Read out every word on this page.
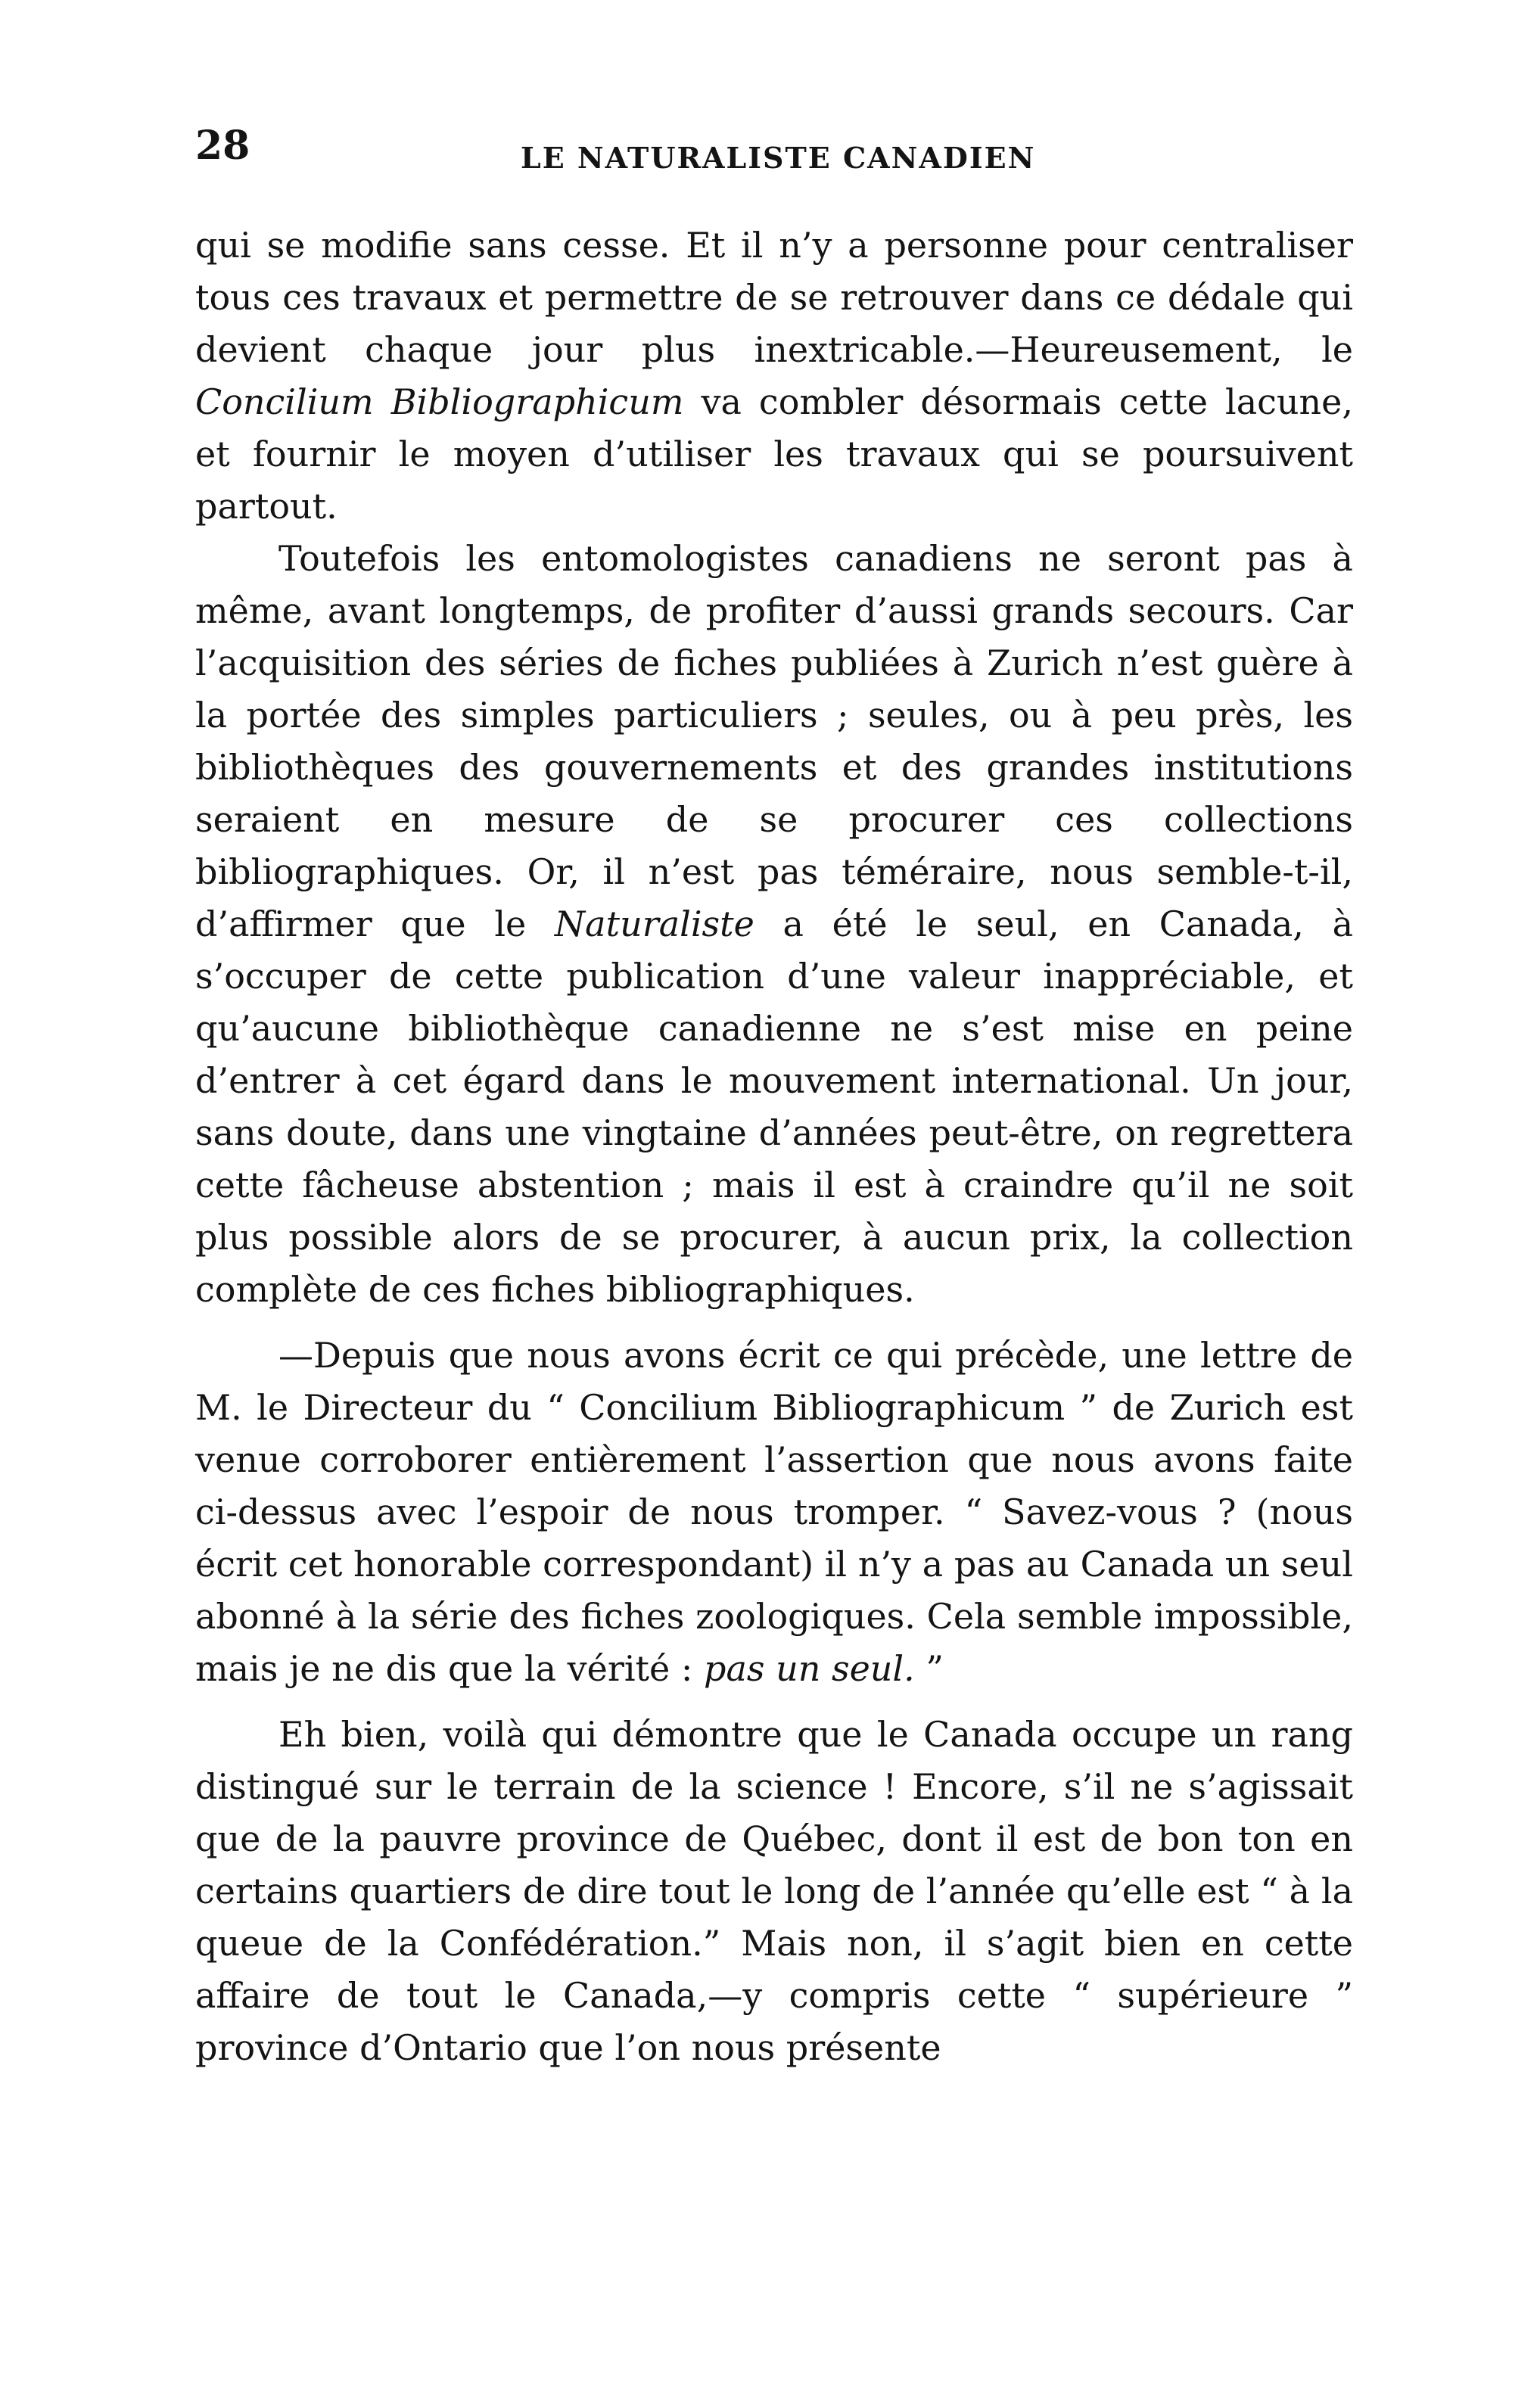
28	LE NATURALISTE CANADIEN

qui se modifie sans cesse. Et il n’y a personne pour centraliser tous ces travaux et permettre de se retrouver dans ce dédale qui devient chaque jour plus inextricable.—Heureusement, le Concilium Bibliographicum va combler désormais cette lacune, et fournir le moyen d’utiliser les travaux qui se poursuivent partout.

Toutefois les entomologistes canadiens ne seront pas à même, avant longtemps, de profiter d’aussi grands secours. Car l’acquisition des séries de fiches publiées à Zurich n’est guère à la portée des simples particuliers ; seules, ou à peu près, les bibliothèques des gouvernements et des grandes institutions seraient en mesure de se procurer ces collections bibliographiques. Or, il n’est pas téméraire, nous semble-t-il, d’affirmer que le Naturaliste a été le seul, en Canada, à s’occuper de cette publication d’une valeur inappréciable, et qu’aucune bibliothèque canadienne ne s’est mise en peine d’entrer à cet égard dans le mouvement international. Un jour, sans doute, dans une vingtaine d’années peut-être, on regrettera cette fâcheuse abstention ; mais il est à craindre qu’il ne soit plus possible alors de se procurer, à aucun prix, la collection complète de ces fiches bibliographiques.

—Depuis que nous avons écrit ce qui précède, une lettre de M. le Directeur du “ Concilium Bibliographicum ” de Zurich est venue corroborer entièrement l’assertion que nous avons faite ci-dessus avec l’espoir de nous tromper. “ Savez-vous ? (nous écrit cet honorable correspondant) il n’y a pas au Canada un seul abonné à la série des fiches zoologiques. Cela semble impossible, mais je ne dis que la vérité : pas un seul. ”

Eh bien, voilà qui démontre que le Canada occupe un rang distingué sur le terrain de la science ! Encore, s’il ne s’agissait que de la pauvre province de Québec, dont il est de bon ton en certains quartiers de dire tout le long de l’année qu’elle est “ à la queue de la Confédération.” Mais non, il s’agit bien en cette affaire de tout le Canada,—y compris cette “ supérieure ” province d’Ontario que l’on nous présente
